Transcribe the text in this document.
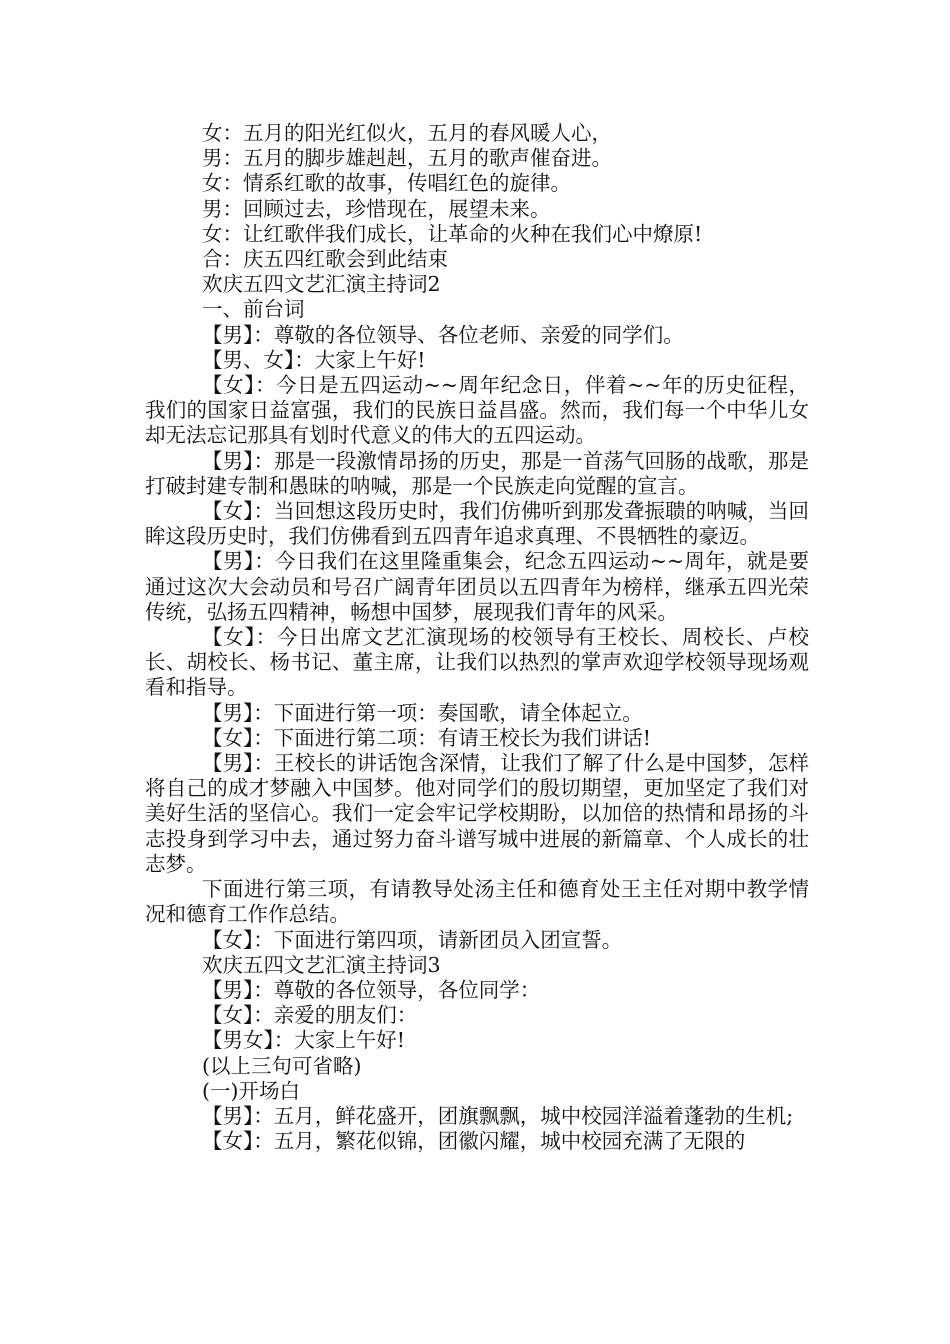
女：五月的阳光红似火，五月的春风暖人心，

男：五月的脚步雄赳赳，五月的歌声催奋进。

女：情系红歌的故事，传唱红色的旋律。

男：回顾过去，珍惜现在，展望未来。

女：让红歌伴我们成长，让革命的火种在我们心中燎原!

合：庆五四红歌会到此结束

欢庆五四文艺汇演主持词2

一、前台词

【男】：尊敬的各位领导、各位老师、亲爱的同学们。

【男、女】：大家上午好!

【女】：今日是五四运动~~周年纪念日，伴着~~年的历史征程，我们的国家日益富强，我们的民族日益昌盛。然而，我们每一个中华儿女却无法忘记那具有划时代意义的伟大的五四运动。

【男】：那是一段激情昂扬的历史，那是一首荡气回肠的战歌，那是打破封建专制和愚昧的呐喊，那是一个民族走向觉醒的宣言。

【女】：当回想这段历史时，我们仿佛听到那发聋振聩的呐喊，当回眸这段历史时，我们仿佛看到五四青年追求真理、不畏牺牲的豪迈。

【男】：今日我们在这里隆重集会，纪念五四运动~~周年，就是要通过这次大会动员和号召广阔青年团员以五四青年为榜样，继承五四光荣传统，弘扬五四精神，畅想中国梦，展现我们青年的风采。

【女】：今日出席文艺汇演现场的校领导有王校长、周校长、卢校长、胡校长、杨书记、董主席，让我们以热烈的掌声欢迎学校领导现场观看和指导。

【男】：下面进行第一项：奏国歌，请全体起立。

【女】：下面进行第二项：有请王校长为我们讲话!

【男】：王校长的讲话饱含深情，让我们了解了什么是中国梦，怎样将自己的成才梦融入中国梦。他对同学们的殷切期望，更加坚定了我们对美好生活的坚信心。我们一定会牢记学校期盼，以加倍的热情和昂扬的斗志投身到学习中去，通过努力奋斗谱写城中进展的新篇章、个人成长的壮志梦。

下面进行第三项，有请教导处汤主任和德育处王主任对期中教学情况和德育工作作总结。

【女】：下面进行第四项，请新团员入团宣誓。

欢庆五四文艺汇演主持词3

【男】：尊敬的各位领导，各位同学：

【女】：亲爱的朋友们：

【男女】：大家上午好!

(以上三句可省略)

(一)开场白

【男】：五月，鲜花盛开，团旗飘飘，城中校园洋溢着蓬勃的生机;

【女】：五月，繁花似锦，团徽闪耀，城中校园充满了无限的
